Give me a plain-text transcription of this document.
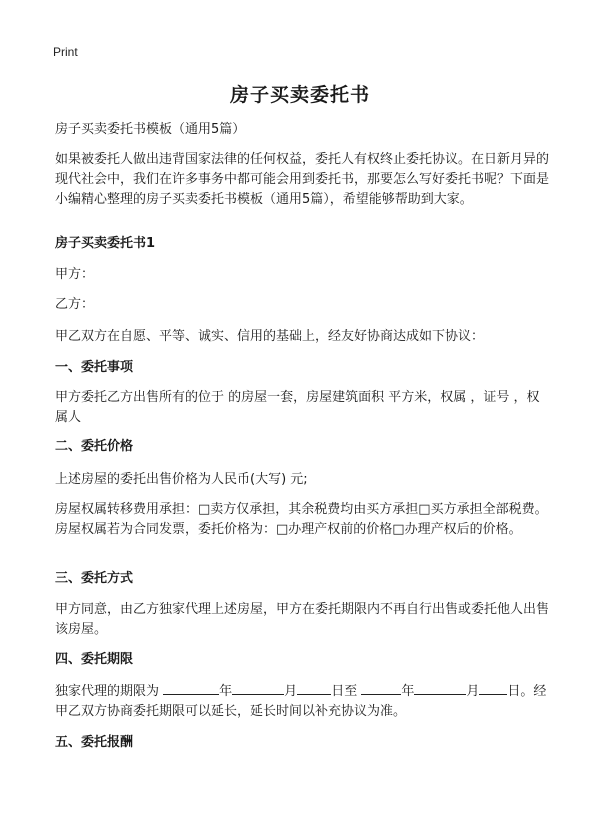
Print
房子买卖委托书
房子买卖委托书模板（通用5篇）
如果被委托人做出违背国家法律的任何权益，委托人有权终止委托协议。在日新月异的现代社会中，我们在许多事务中都可能会用到委托书，那要怎么写好委托书呢？下面是小编精心整理的房子买卖委托书模板（通用5篇），希望能够帮助到大家。
房子买卖委托书1
甲方：
乙方：
甲乙双方在自愿、平等、诚实、信用的基础上，经友好协商达成如下协议：
一、委托事项
甲方委托乙方出售所有的位于 的房屋一套，房屋建筑面积 平方米，权属 ，证号 ，权属人
二、委托价格
上述房屋的委托出售价格为人民币(大写) 元;
房屋权属转移费用承担：□卖方仅承担，其余税费均由买方承担□买方承担全部税费。 房屋权属若为合同发票，委托价格为：□办理产权前的价格□办理产权后的价格。
三、委托方式
甲方同意，由乙方独家代理上述房屋，甲方在委托期限内不再自行出售或委托他人出售该房屋。
四、委托期限
独家代理的期限为	年	月	日至	年	月 日。经甲乙双方协商委托期限可以延长，延长时间以补充协议为准。
五、委托报酬
